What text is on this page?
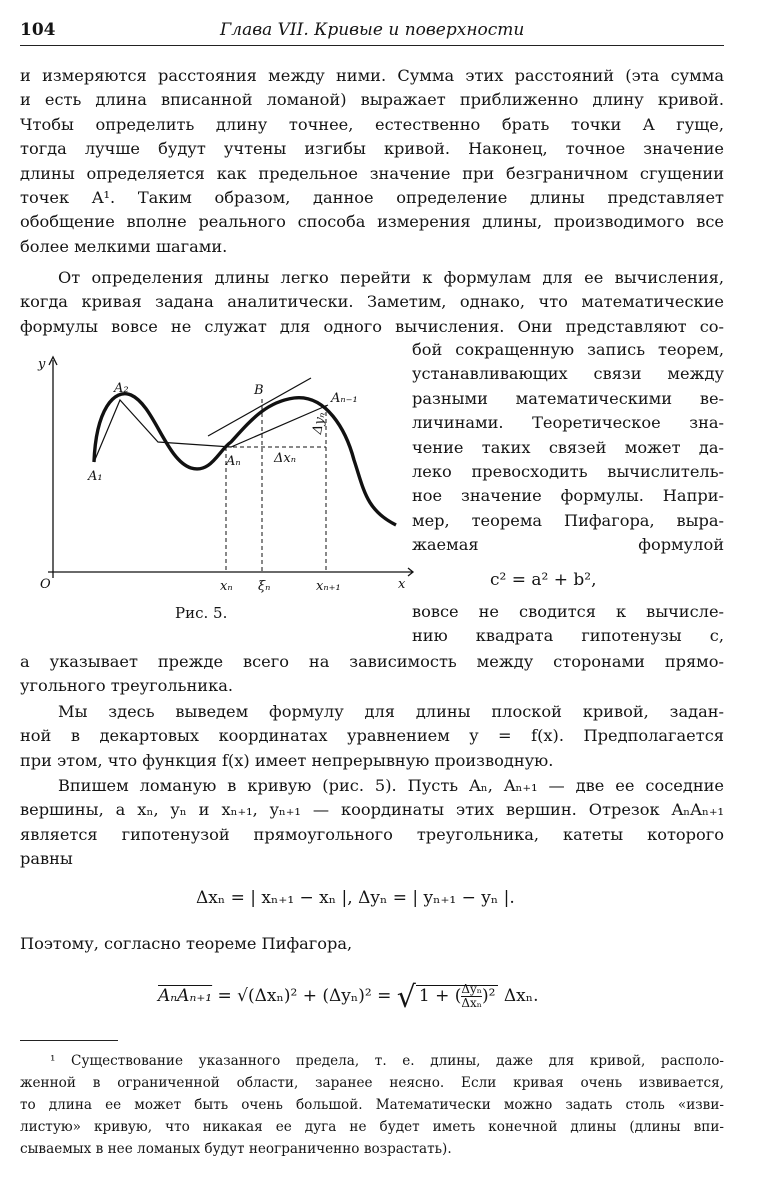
104	Глава VII. Кривые и поверхности
и измеряются расстояния между ними. Сумма этих расстояний (эта сумма
и есть длина вписанной ломаной) выражает приближенно длину кривой.
Чтобы определить длину точнее, естественно брать точки A гуще,
тогда лучше будут учтены изгибы кривой. Наконец, точное значение
длины определяется как предельное значение при безграничном сгущении
точек A¹. Таким образом, данное определение длины представляет
обобщение вполне реального способа измерения длины, производимого все
более мелкими шагами.
От определения длины легко перейти к формулам для ее вычисления,
когда кривая задана аналитически. Заметим, однако, что математические
формулы вовсе не служат для одного вычисления. Они представляют со-
y
x
O
A₁
A₂	B
Aₙ
Aₙ₋₁
Δxₙ
Δyₙ
xₙ ξₙ	xₙ₊₁
Рис. 5.
бой сокращенную запись теорем,
устанавливающих связи между
разными математическими ве-
личинами. Теоретическое зна-
чение таких связей может да-
леко превосходить вычислитель-
ное значение формулы. Напри-
мер, теорема Пифагора, выра-
жаемая формулой
c² = a² + b²,
вовсе не сводится к вычисле-
нию квадрата гипотенузы c,
а указывает прежде всего на зависимость между сторонами прямо-
угольного треугольника.
Мы здесь выведем формулу для длины плоской кривой, задан-
ной в декартовых координатах уравнением y = f(x). Предполагается
при этом, что функция f(x) имеет непрерывную производную.
Впишем ломаную в кривую (рис. 5). Пусть Aₙ, Aₙ₊₁ — две ее соседние
вершины, а xₙ, yₙ и xₙ₊₁, yₙ₊₁ — координаты этих вершин. Отрезок AₙAₙ₊₁
является гипотенузой прямоугольного треугольника, катеты которого
равны
Δxₙ = | xₙ₊₁ − xₙ |, Δyₙ = | yₙ₊₁ − yₙ |.
Поэтому, согласно теореме Пифагора,
AₙAₙ₊₁ = √(Δxₙ)² + (Δyₙ)² = √ 1 + ( Δyₙ
Δxₙ )² Δxₙ.
¹ Существование указанного предела, т. е. длины, даже для кривой, располо-
женной в ограниченной области, заранее неясно. Если кривая очень извивается,
то длина ее может быть очень большой. Математически можно задать столь «изви-
листую» кривую, что никакая ее дуга не будет иметь конечной длины (длины впи-
сываемых в нее ломаных будут неограниченно возрастать).
